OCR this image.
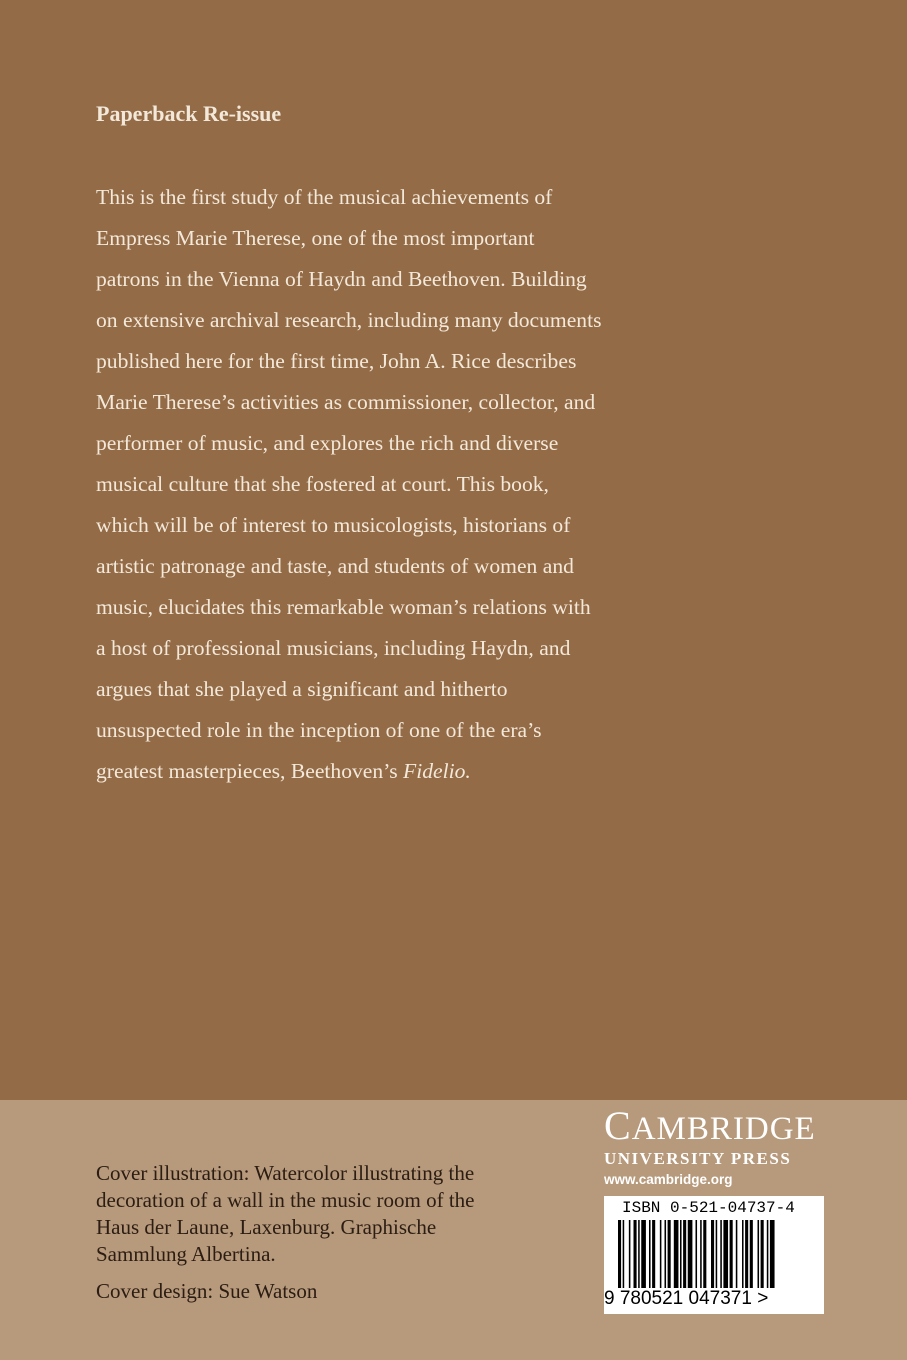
Paperback Re-issue
This is the first study of the musical achievements of
Empress Marie Therese, one of the most important
patrons in the Vienna of Haydn and Beethoven. Building
on extensive archival research, including many documents
published here for the first time, John A. Rice describes
Marie Therese’s activities as commissioner, collector, and
performer of music, and explores the rich and diverse
musical culture that she fostered at court. This book,
which will be of interest to musicologists, historians of
artistic patronage and taste, and students of women and
music, elucidates this remarkable woman’s relations with
a host of professional musicians, including Haydn, and
argues that she played a significant and hitherto
unsuspected role in the inception of one of the era’s
greatest masterpieces, Beethoven’s Fidelio.
Cover illustration: Watercolor illustrating the
decoration of a wall in the music room of the
Haus der Laune, Laxenburg. Graphische
Sammlung Albertina.
Cover design: Sue Watson
CAMBRIDGE
UNIVERSITY PRESS
www.cambridge.org
ISBN 0-521-04737-4
9 780521 047371 >
